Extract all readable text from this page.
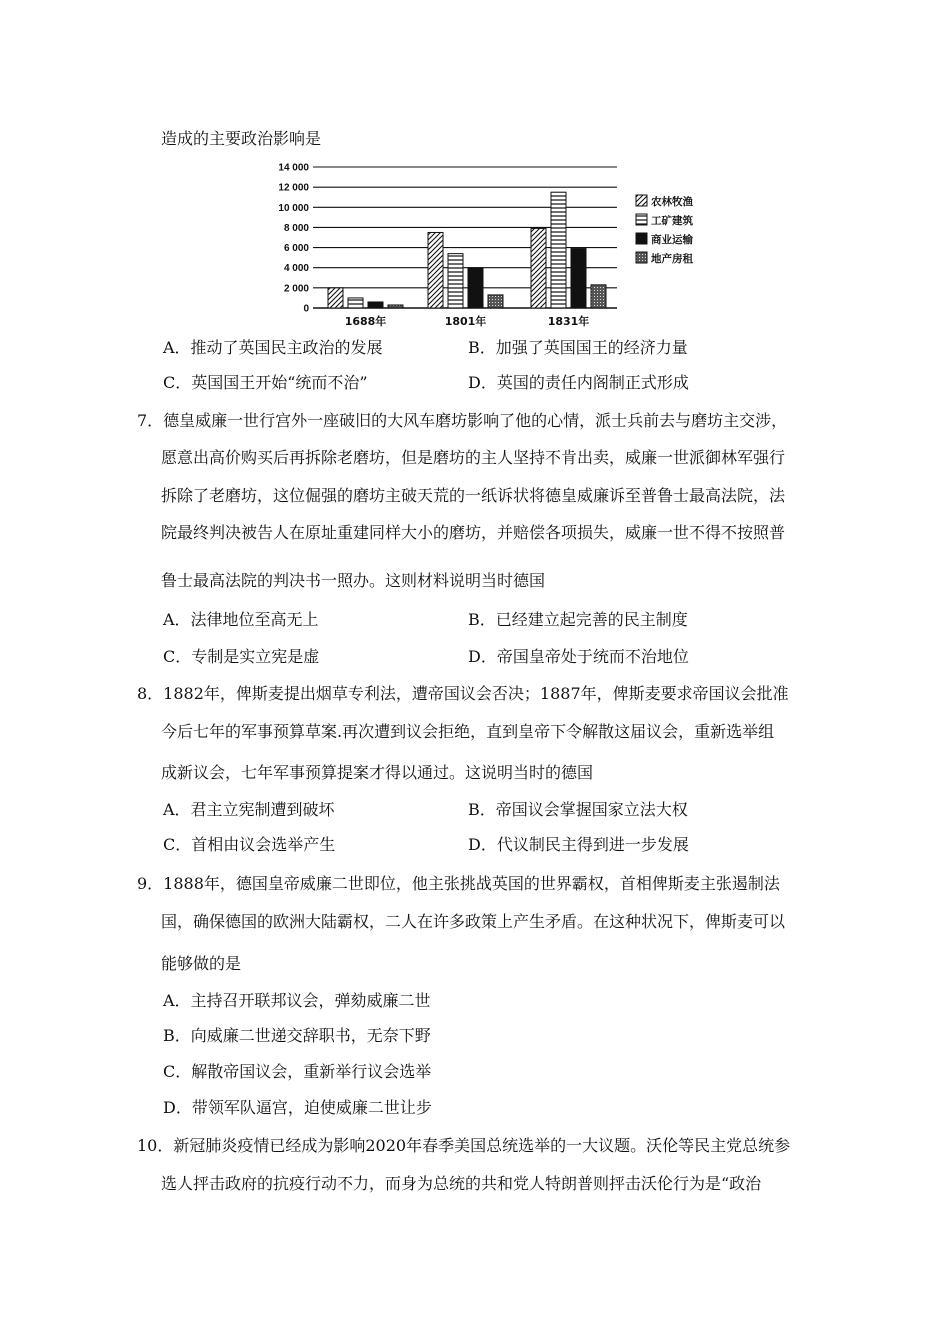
造成的主要政治影响是
14 000
12 000
10 000
8 000
6 000
4 000
2 000
0
1688年	1801年	1831年
农林牧渔
工矿建筑
商业运输
地产房租
A．推动了英国民主政治的发展	B．加强了英国国王的经济力量
C．英国国王开始“统而不治”	D．英国的责任内阁制正式形成
7．德皇威廉一世行宫外一座破旧的大风车磨坊影响了他的心情，派士兵前去与磨坊主交涉，
愿意出高价购买后再拆除老磨坊，但是磨坊的主人坚持不肯出卖，威廉一世派御林军强行
拆除了老磨坊，这位倔强的磨坊主破天荒的一纸诉状将德皇威廉诉至普鲁士最高法院，法
院最终判决被告人在原址重建同样大小的磨坊，并赔偿各项损失，威廉一世不得不按照普
鲁士最高法院的判决书一照办。这则材料说明当时德国
A．法律地位至高无上	B．已经建立起完善的民主制度
C．专制是实立宪是虚	D．帝国皇帝处于统而不治地位
8．1882年，俾斯麦提出烟草专利法，遭帝国议会否决；1887年，俾斯麦要求帝国议会批准
今后七年的军事预算草案.再次遭到议会拒绝，直到皇帝下令解散这届议会，重新选举组
成新议会，七年军事预算提案才得以通过。这说明当时的德国
A．君主立宪制遭到破坏	B．帝国议会掌握国家立法大权
C．首相由议会选举产生	D．代议制民主得到进一步发展
9．1888年，德国皇帝威廉二世即位，他主张挑战英国的世界霸权，首相俾斯麦主张遏制法
国，确保德国的欧洲大陆霸权，二人在许多政策上产生矛盾。在这种状况下，俾斯麦可以
能够做的是
A．主持召开联邦议会，弹劾威廉二世
B．向威廉二世递交辞职书，无奈下野
C．解散帝国议会，重新举行议会选举
D．带领军队逼宫，迫使威廉二世让步
10．新冠肺炎疫情已经成为影响2020年春季美国总统选举的一大议题。沃伦等民主党总统参
选人抨击政府的抗疫行动不力，而身为总统的共和党人特朗普则抨击沃伦行为是“政治
